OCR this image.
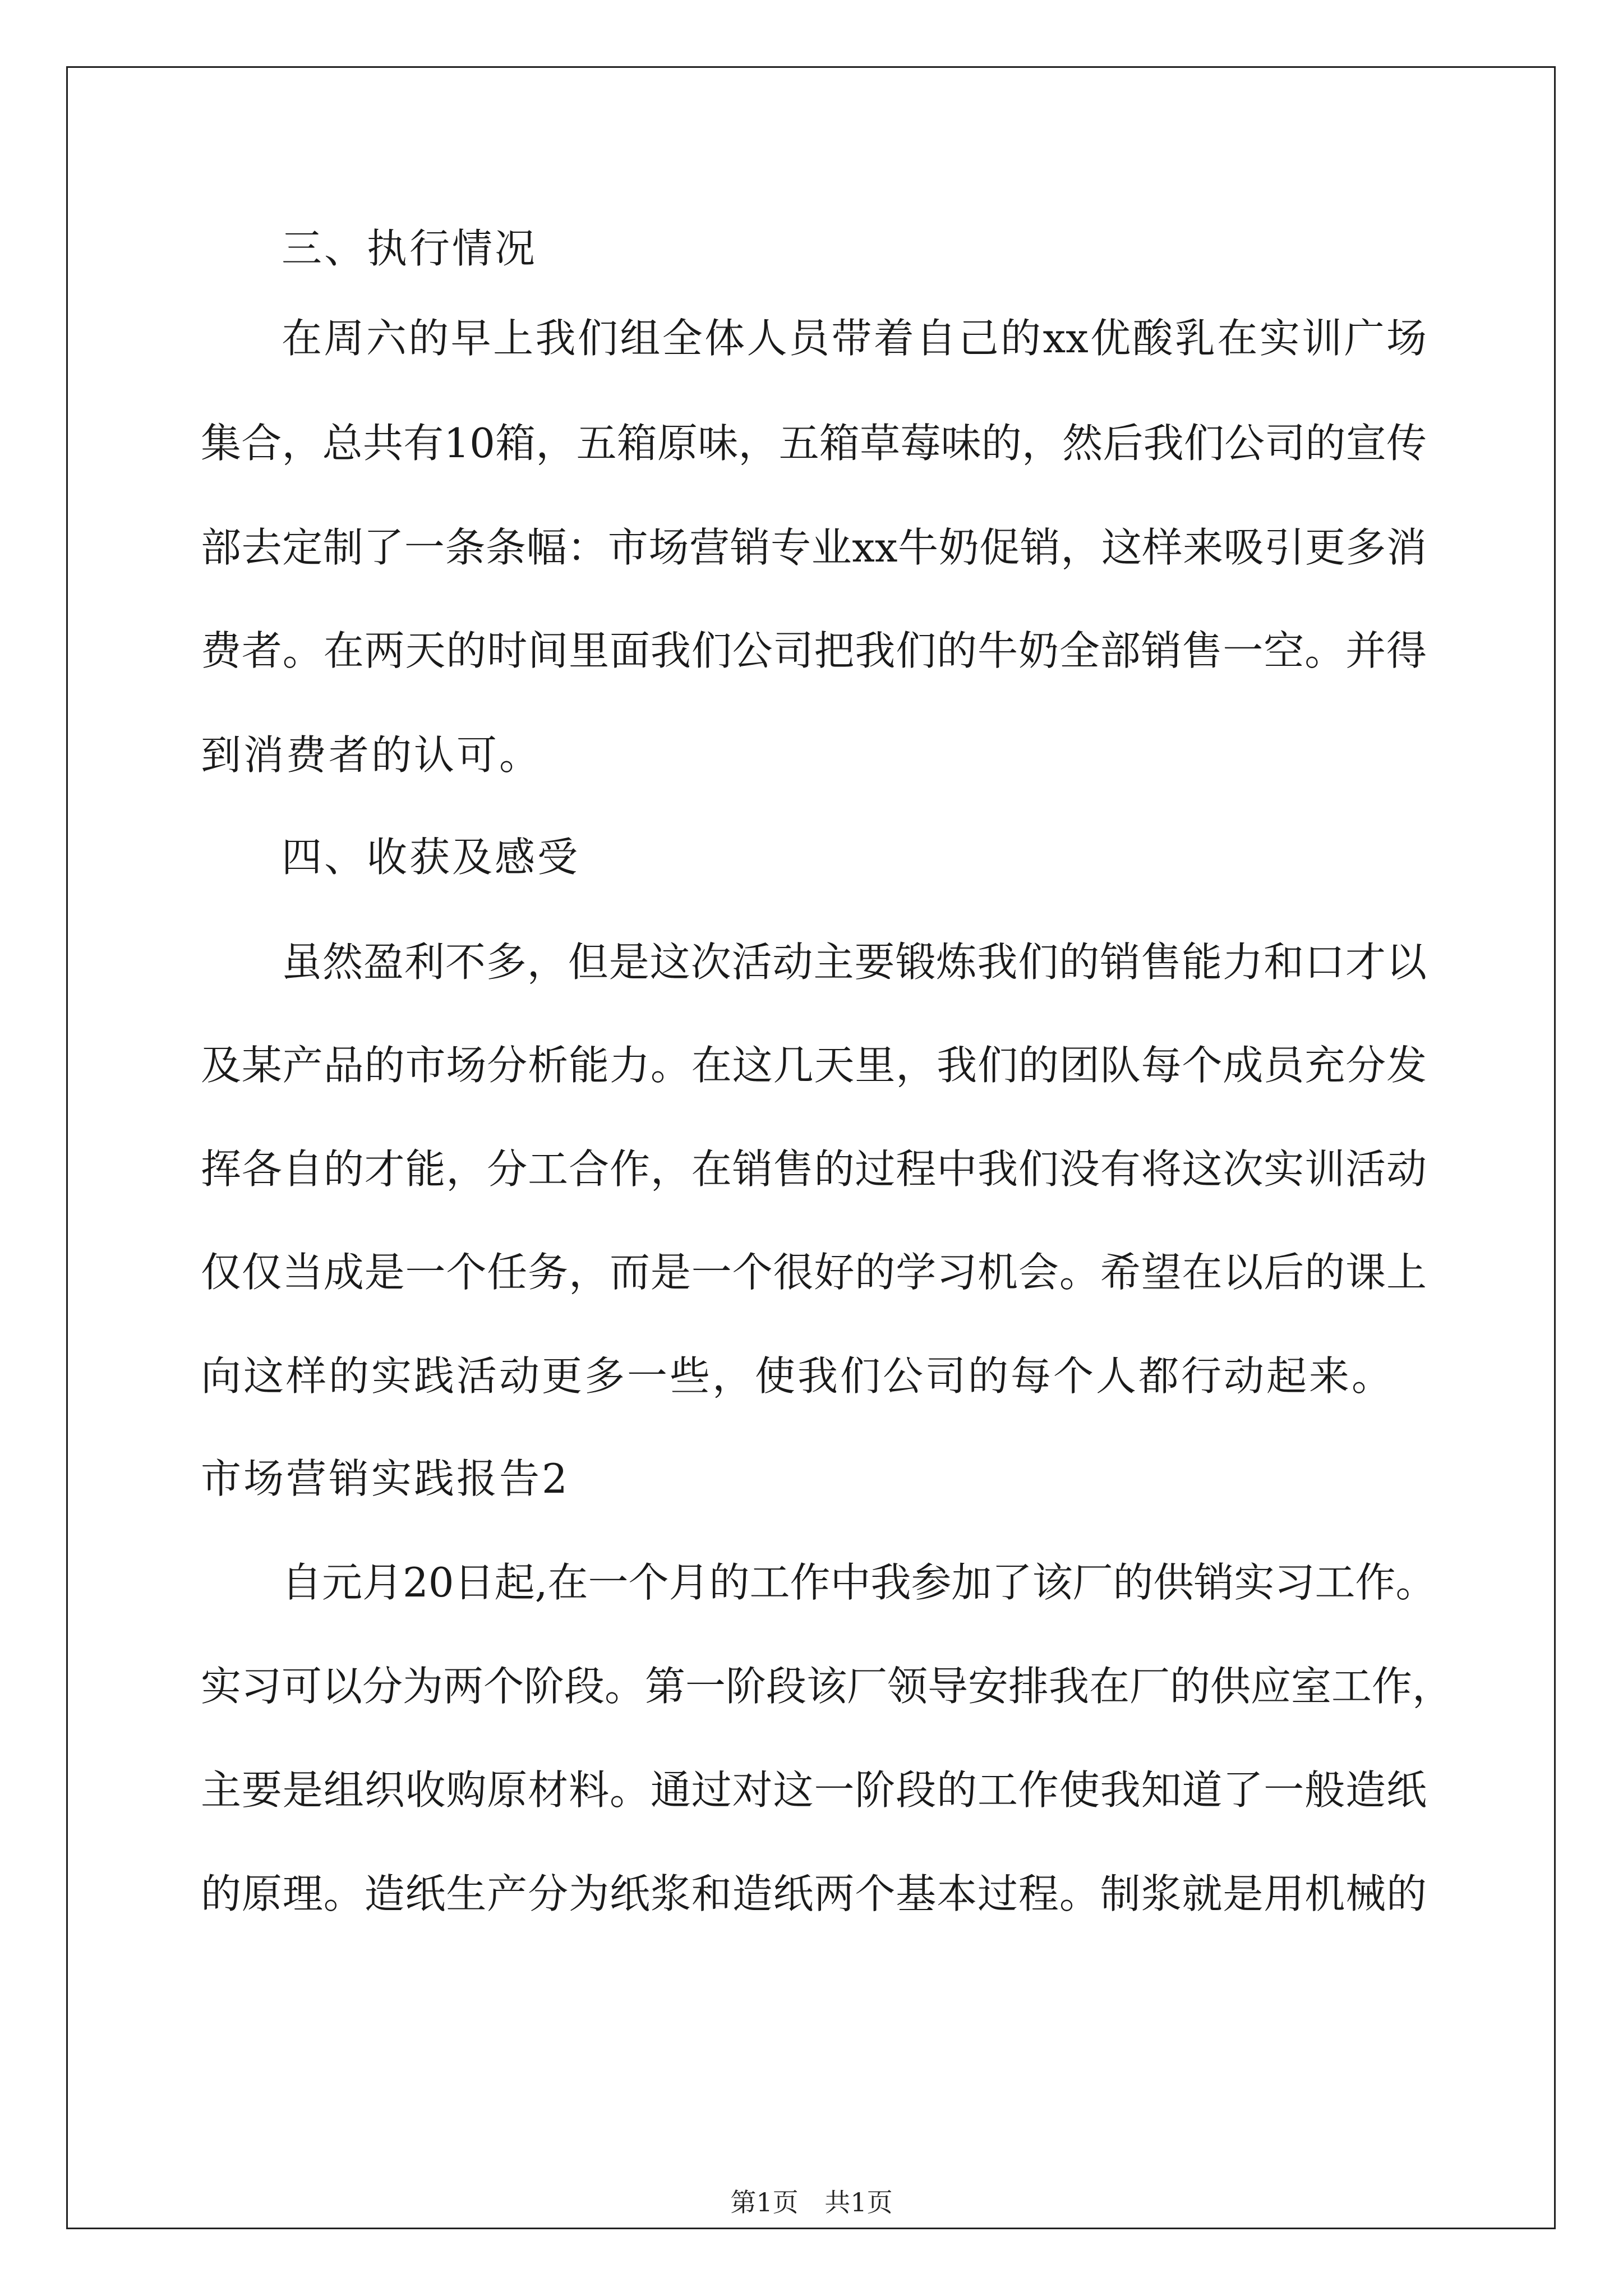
三、执行情况
在周六的早上我们组全体人员带着自己的xx优酸乳在实训广场
集合，总共有10箱，五箱原味，五箱草莓味的，然后我们公司的宣传
部去定制了一条条幅：市场营销专业xx牛奶促销，这样来吸引更多消
费者。在两天的时间里面我们公司把我们的牛奶全部销售一空。并得
到消费者的认可。
四、收获及感受
虽然盈利不多，但是这次活动主要锻炼我们的销售能力和口才以
及某产品的市场分析能力。在这几天里，我们的团队每个成员充分发
挥各自的才能，分工合作，在销售的过程中我们没有将这次实训活动
仅仅当成是一个任务，而是一个很好的学习机会。希望在以后的课上
向这样的实践活动更多一些，使我们公司的每个人都行动起来。
市场营销实践报告2
自元月20日起,在一个月的工作中我参加了该厂的供销实习工作。
实习可以分为两个阶段。第一阶段该厂领导安排我在厂的供应室工作，
主要是组织收购原材料。通过对这一阶段的工作使我知道了一般造纸
的原理。造纸生产分为纸浆和造纸两个基本过程。制浆就是用机械的
第1页 共1页
